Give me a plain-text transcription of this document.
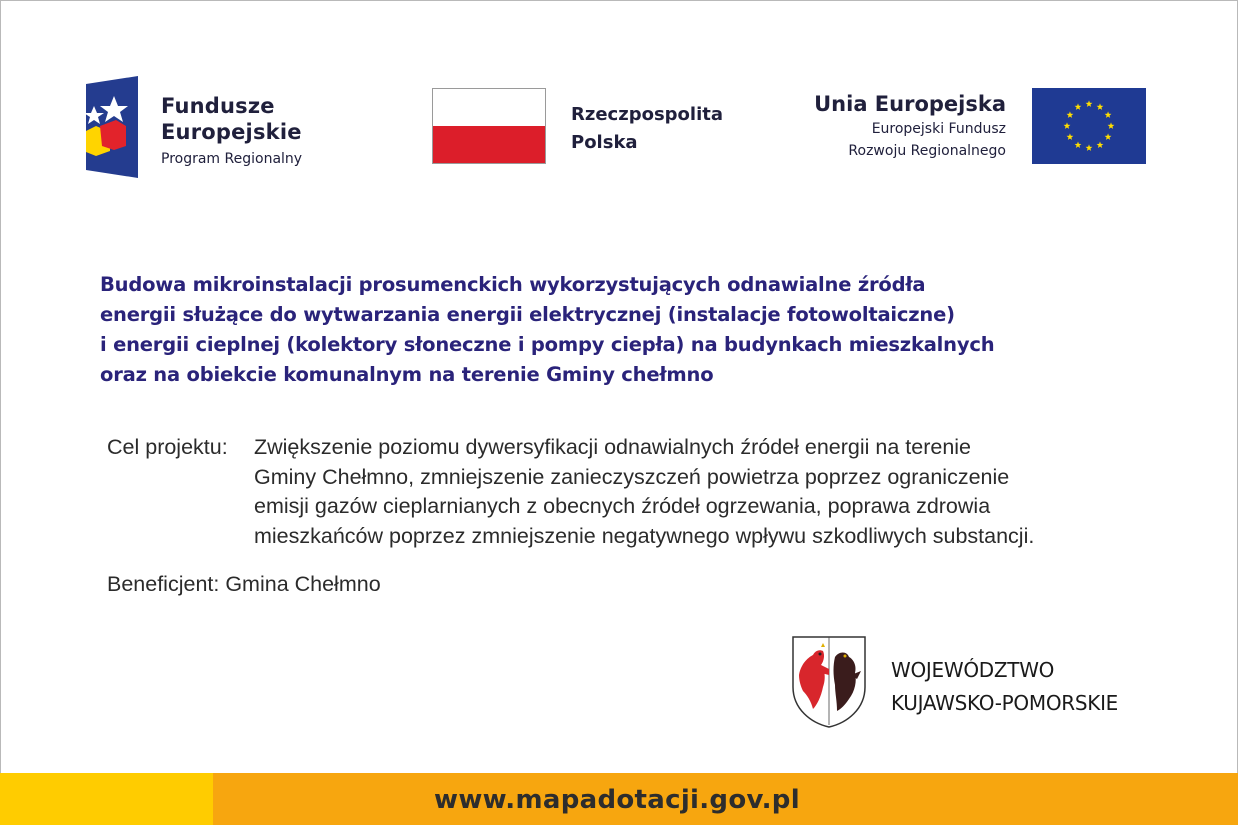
Fundusze
Europejskie
Program Regionalny
Rzeczpospolita
Polska
Unia Europejska
Europejski Fundusz
Rozwoju Regionalnego
Budowa mikroinstalacji prosumenckich wykorzystujących odnawialne źródła
energii służące do wytwarzania energii elektrycznej (instalacje fotowoltaiczne)
i energii cieplnej (kolektory słoneczne i pompy ciepła) na budynkach mieszkalnych
oraz na obiekcie komunalnym na terenie Gminy chełmno
Cel projektu: Zwiększenie poziomu dywersyfikacji odnawialnych źródeł energii na terenie
Gminy Chełmno, zmniejszenie zanieczyszczeń powietrza poprzez ograniczenie
emisji gazów cieplarnianych z obecnych źródeł ogrzewania, poprawa zdrowia
mieszkańców poprzez zmniejszenie negatywnego wpływu szkodliwych substancji.
Beneficjent: Gmina Chełmno
WOJEWÓDZTWO
KUJAWSKO-POMORSKIE
www.mapadotacji.gov.pl
